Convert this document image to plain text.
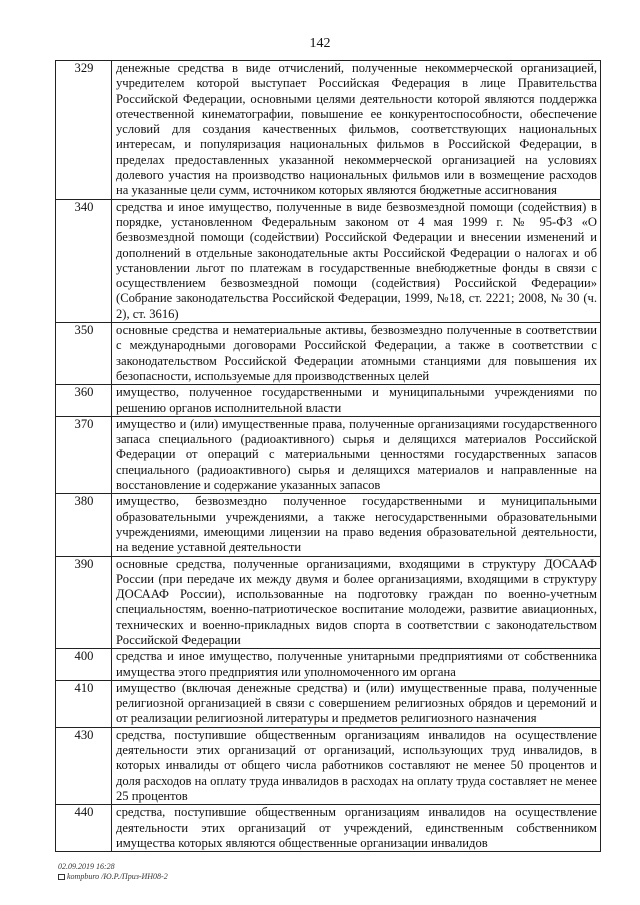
142
329	денежные средства в виде отчислений, полученные некоммерческой организацией, учредителем которой выступает Российская Федерация в лице Правительства Российской Федерации, основными целями деятельности которой являются поддержка отечественной кинематографии, повышение ее конкурентоспособности, обеспечение условий для создания качественных фильмов, соответствующих национальных интересам, и популяризация национальных фильмов в Российской Федерации, в пределах предоставленных указанной некоммерческой организацией на условиях долевого участия на производство национальных фильмов или в возмещение расходов на указанные цели сумм, источником которых являются бюджетные ассигнования
340	средства и иное имущество, полученные в виде безвозмездной помощи (содействия) в порядке, установленном Федеральным законом от 4 мая 1999 г. № 95-ФЗ «О безвозмездной помощи (содействии) Российской Федерации и внесении изменений и дополнений в отдельные законодательные акты Российской Федерации о налогах и об установлении льгот по платежам в государственные внебюджетные фонды в связи с осуществлением безвозмездной помощи (содействия) Российской Федерации» (Собрание законодательства Российской Федерации, 1999, №18, ст. 2221; 2008, № 30 (ч. 2), ст. 3616)
350	основные средства и нематериальные активы, безвозмездно полученные в соответствии с международными договорами Российской Федерации, а также в соответствии с законодательством Российской Федерации атомными станциями для повышения их безопасности, используемые для производственных целей
360	имущество, полученное государственными и муниципальными учреждениями по решению органов исполнительной власти
370	имущество и (или) имущественные права, полученные организациями государственного запаса специального (радиоактивного) сырья и делящихся материалов Российской Федерации от операций с материальными ценностями государственных запасов специального (радиоактивного) сырья и делящихся материалов и направленные на восстановление и содержание указанных запасов
380	имущество, безвозмездно полученное государственными и муниципальными образовательными учреждениями, а также негосударственными образовательными учреждениями, имеющими лицензии на право ведения образовательной деятельности, на ведение уставной деятельности
390	основные средства, полученные организациями, входящими в структуру ДОСААФ России (при передаче их между двумя и более организациями, входящими в структуру ДОСААФ России), использованные на подготовку граждан по военно-учетным специальностям, военно-патриотическое воспитание молодежи, развитие авиационных, технических и военно-прикладных видов спорта в соответствии с законодательством Российской Федерации
400	средства и иное имущество, полученные унитарными предприятиями от собственника имущества этого предприятия или уполномоченного им органа
410	имущество (включая денежные средства) и (или) имущественные права, полученные религиозной организацией в связи с совершением религиозных обрядов и церемоний и от реализации религиозной литературы и предметов религиозного назначения
430	средства, поступившие общественным организациям инвалидов на осуществление деятельности этих организаций от организаций, использующих труд инвалидов, в которых инвалиды от общего числа работников составляют не менее 50 процентов и доля расходов на оплату труда инвалидов в расходах на оплату труда составляет не менее 25 процентов
440	средства, поступившие общественным организациям инвалидов на осуществление деятельности этих организаций от учреждений, единственным собственником имущества которых являются общественные организации инвалидов
02.09.2019 16:28
kompburo /Ю.Р./Приз-ИН08-2
